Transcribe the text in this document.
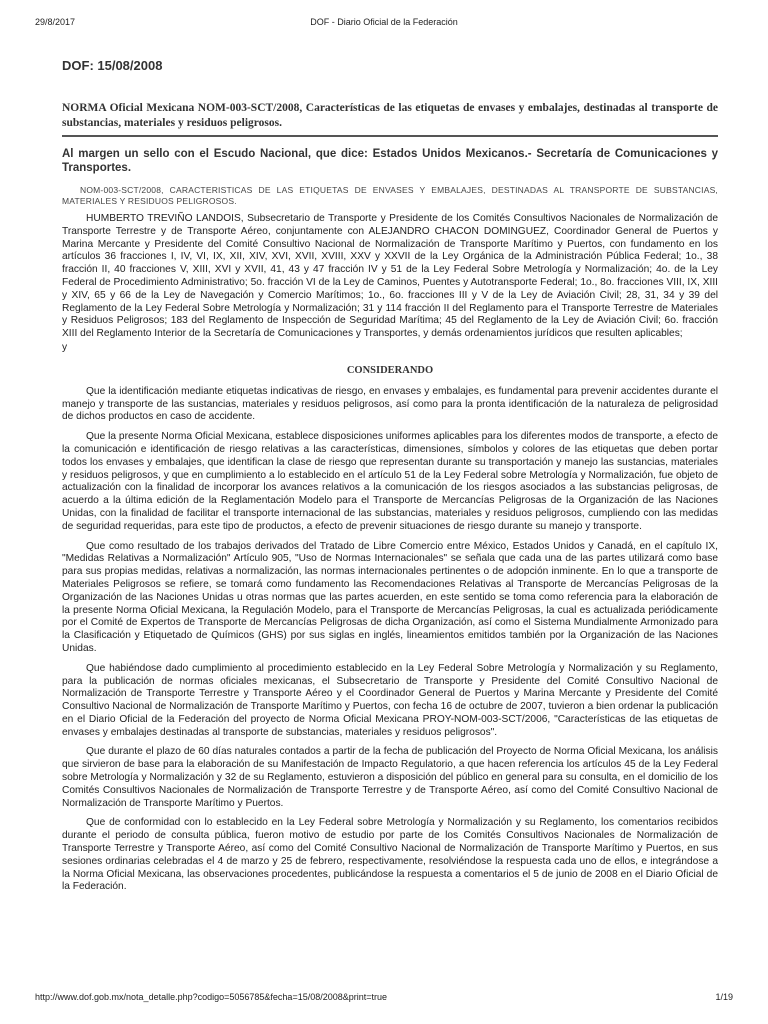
29/8/2017	DOF - Diario Oficial de la Federación
DOF: 15/08/2008

NORMA Oficial Mexicana NOM-003-SCT/2008, Características de las etiquetas de envases y embalajes, destinadas al transporte de substancias, materiales y residuos peligrosos.

Al margen un sello con el Escudo Nacional, que dice: Estados Unidos Mexicanos.- Secretaría de Comunicaciones y Transportes.

NOM-003-SCT/2008, CARACTERISTICAS DE LAS ETIQUETAS DE ENVASES Y EMBALAJES, DESTINADAS AL TRANSPORTE DE SUBSTANCIAS, MATERIALES Y RESIDUOS PELIGROSOS.

HUMBERTO TREVIÑO LANDOIS, Subsecretario de Transporte y Presidente de los Comités Consultivos Nacionales de Normalización de Transporte Terrestre y de Transporte Aéreo, conjuntamente con ALEJANDRO CHACON DOMINGUEZ, Coordinador General de Puertos y Marina Mercante y Presidente del Comité Consultivo Nacional de Normalización de Transporte Marítimo y Puertos, con fundamento en los artículos 36 fracciones I, IV, VI, IX, XII, XIV, XVI, XVII, XVIII, XXV y XXVII de la Ley Orgánica de la Administración Pública Federal; 1o., 38 fracción II, 40 fracciones V, XIII, XVI y XVII, 41, 43 y 47 fracción IV y 51 de la Ley Federal Sobre Metrología y Normalización; 4o. de la Ley Federal de Procedimiento Administrativo; 5o. fracción VI de la Ley de Caminos, Puentes y Autotransporte Federal; 1o., 8o. fracciones VIII, IX, XIII y XIV, 65 y 66 de la Ley de Navegación y Comercio Marítimos; 1o., 6o. fracciones III y V de la Ley de Aviación Civil; 28, 31, 34 y 39 del Reglamento de la Ley Federal Sobre Metrología y Normalización; 31 y 114 fracción II del Reglamento para el Transporte Terrestre de Materiales y Residuos Peligrosos; 183 del Reglamento de Inspección de Seguridad Marítima; 45 del Reglamento de la Ley de Aviación Civil; 6o. fracción XIII del Reglamento Interior de la Secretaría de Comunicaciones y Transportes, y demás ordenamientos jurídicos que resulten aplicables;

y

CONSIDERANDO

Que la identificación mediante etiquetas indicativas de riesgo, en envases y embalajes, es fundamental para prevenir accidentes durante el manejo y transporte de las sustancias, materiales y residuos peligrosos, así como para la pronta identificación de la naturaleza de peligrosidad de dichos productos en caso de accidente.

Que la presente Norma Oficial Mexicana, establece disposiciones uniformes aplicables para los diferentes modos de transporte, a efecto de la comunicación e identificación de riesgo relativas a las características, dimensiones, símbolos y colores de las etiquetas que deben portar todos los envases y embalajes, que identifican la clase de riesgo que representan durante su transportación y manejo las sustancias, materiales y residuos peligrosos, y que en cumplimiento a lo establecido en el artículo 51 de la Ley Federal sobre Metrología y Normalización, fue objeto de actualización con la finalidad de incorporar los avances relativos a la comunicación de los riesgos asociados a las substancias peligrosas, de acuerdo a la última edición de la Reglamentación Modelo para el Transporte de Mercancías Peligrosas de la Organización de las Naciones Unidas, con la finalidad de facilitar el transporte internacional de las substancias, materiales y residuos peligrosos, cumpliendo con las medidas de seguridad requeridas, para este tipo de productos, a efecto de prevenir situaciones de riesgo durante su manejo y transporte.

Que como resultado de los trabajos derivados del Tratado de Libre Comercio entre México, Estados Unidos y Canadá, en el capítulo IX, "Medidas Relativas a Normalización" Artículo 905, "Uso de Normas Internacionales" se señala que cada una de las partes utilizará como base para sus propias medidas, relativas a normalización, las normas internacionales pertinentes o de adopción inminente. En lo que a transporte de Materiales Peligrosos se refiere, se tomará como fundamento las Recomendaciones Relativas al Transporte de Mercancías Peligrosas de la Organización de las Naciones Unidas u otras normas que las partes acuerden, en este sentido se toma como referencia para la elaboración de la presente Norma Oficial Mexicana, la Regulación Modelo, para el Transporte de Mercancías Peligrosas, la cual es actualizada periódicamente por el Comité de Expertos de Transporte de Mercancías Peligrosas de dicha Organización, así como el Sistema Mundialmente Armonizado para la Clasificación y Etiquetado de Químicos (GHS) por sus siglas en inglés, lineamientos emitidos también por la Organización de las Naciones Unidas.

Que habiéndose dado cumplimiento al procedimiento establecido en la Ley Federal Sobre Metrología y Normalización y su Reglamento, para la publicación de normas oficiales mexicanas, el Subsecretario de Transporte y Presidente del Comité Consultivo Nacional de Normalización de Transporte Terrestre y Transporte Aéreo y el Coordinador General de Puertos y Marina Mercante y Presidente del Comité Consultivo Nacional de Normalización de Transporte Marítimo y Puertos, con fecha 16 de octubre de 2007, tuvieron a bien ordenar la publicación en el Diario Oficial de la Federación del proyecto de Norma Oficial Mexicana PROY-NOM-003-SCT/2006, "Características de las etiquetas de envases y embalajes destinadas al transporte de substancias, materiales y residuos peligrosos".

Que durante el plazo de 60 días naturales contados a partir de la fecha de publicación del Proyecto de Norma Oficial Mexicana, los análisis que sirvieron de base para la elaboración de su Manifestación de Impacto Regulatorio, a que hacen referencia los artículos 45 de la Ley Federal sobre Metrología y Normalización y 32 de su Reglamento, estuvieron a disposición del público en general para su consulta, en el domicilio de los Comités Consultivos Nacionales de Normalización de Transporte Terrestre y de Transporte Aéreo, así como del Comité Consultivo Nacional de Normalización de Transporte Marítimo y Puertos.

Que de conformidad con lo establecido en la Ley Federal sobre Metrología y Normalización y su Reglamento, los comentarios recibidos durante el periodo de consulta pública, fueron motivo de estudio por parte de los Comités Consultivos Nacionales de Normalización de Transporte Terrestre y Transporte Aéreo, así como del Comité Consultivo Nacional de Normalización de Transporte Marítimo y Puertos, en sus sesiones ordinarias celebradas el 4 de marzo y 25 de febrero, respectivamente, resolviéndose la respuesta cada uno de ellos, e integrándose a la Norma Oficial Mexicana, las observaciones procedentes, publicándose la respuesta a comentarios el 5 de junio de 2008 en el Diario Oficial de la Federación.

http://www.dof.gob.mx/nota_detalle.php?codigo=5056785&fecha=15/08/2008&print=true	1/19
